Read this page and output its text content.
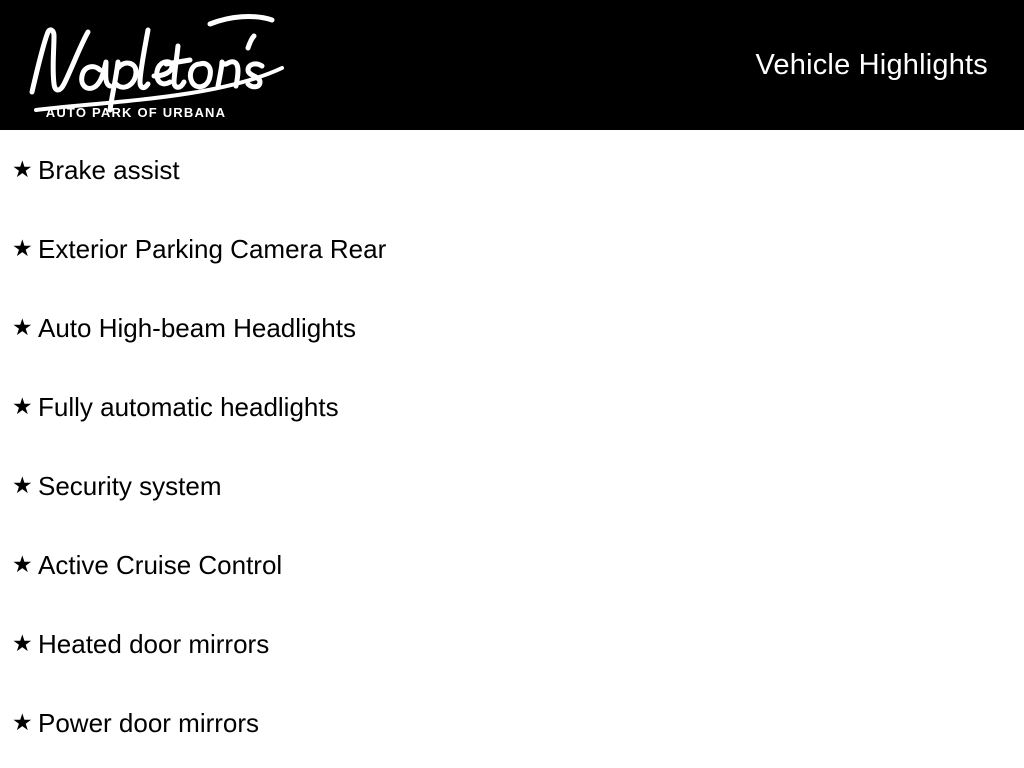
AUTO PARK OF URBANA
Vehicle Highlights
★ Brake assist
★ Exterior Parking Camera Rear
★ Auto High-beam Headlights
★ Fully automatic headlights
★ Security system
★ Active Cruise Control
★ Heated door mirrors
★ Power door mirrors
